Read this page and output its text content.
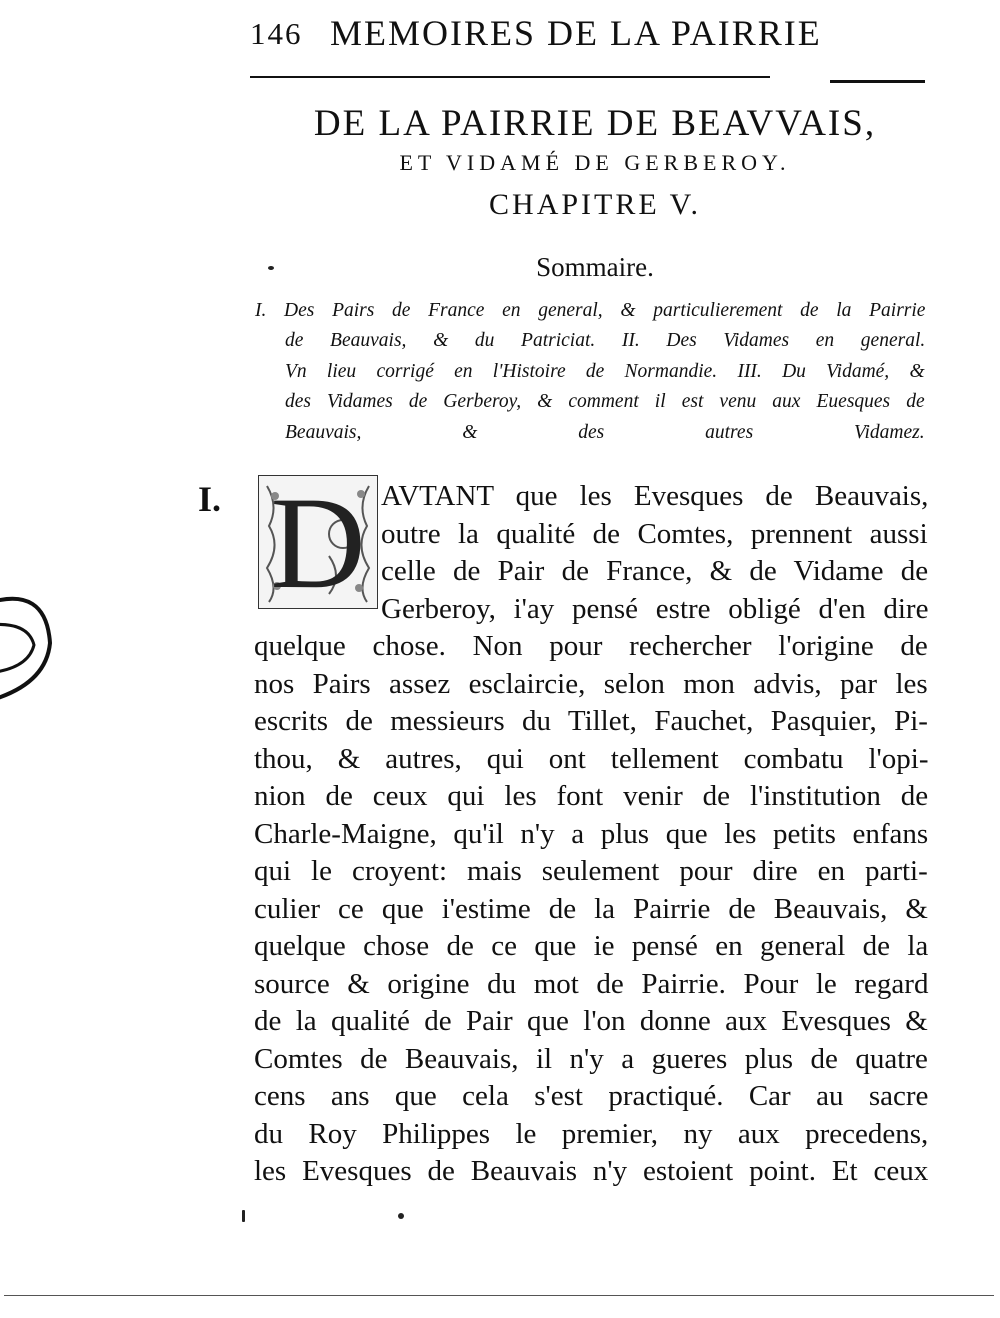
146 MEMOIRES DE LA PAIRRIE
DE LA PAIRRIE DE BEAVVAIS,
ET VIDAMÉ DE GERBEROY.
CHAPITRE V.
Sommaire.
I. Des Pairs de France en general, & particulierement de la Pairrie
de Beauvais, & du Patriciat. II. Des Vidames en general.
Vn lieu corrigé en l'Histoire de Normandie. III. Du Vidamé, &
des Vidames de Gerberoy, & comment il est venu aux Euesques de
Beauvais, & des autres Vidamez.
I. D AVTANT que les Evesques de Beauvais,
outre la qualité de Comtes, prennent aussi
celle de Pair de France, & de Vidame de
Gerberoy, i'ay pensé estre obligé d'en dire
quelque chose. Non pour rechercher l'origine de
nos Pairs assez esclaircie, selon mon advis, par les
escrits de messieurs du Tillet, Fauchet, Pasquier, Pi-
thou, & autres, qui ont tellement combatu l'opi-
nion de ceux qui les font venir de l'institution de
Charle-Maigne, qu'il n'y a plus que les petits enfans
qui le croyent: mais seulement pour dire en parti-
culier ce que i'estime de la Pairrie de Beauvais, &
quelque chose de ce que ie pensé en general de la
source & origine du mot de Pairrie. Pour le regard
de la qualité de Pair que l'on donne aux Evesques &
Comtes de Beauvais, il n'y a gueres plus de quatre
cens ans que cela s'est practiqué. Car au sacre
du Roy Philippes le premier, ny aux precedens,
les Evesques de Beauvais n'y estoient point. Et ceux
